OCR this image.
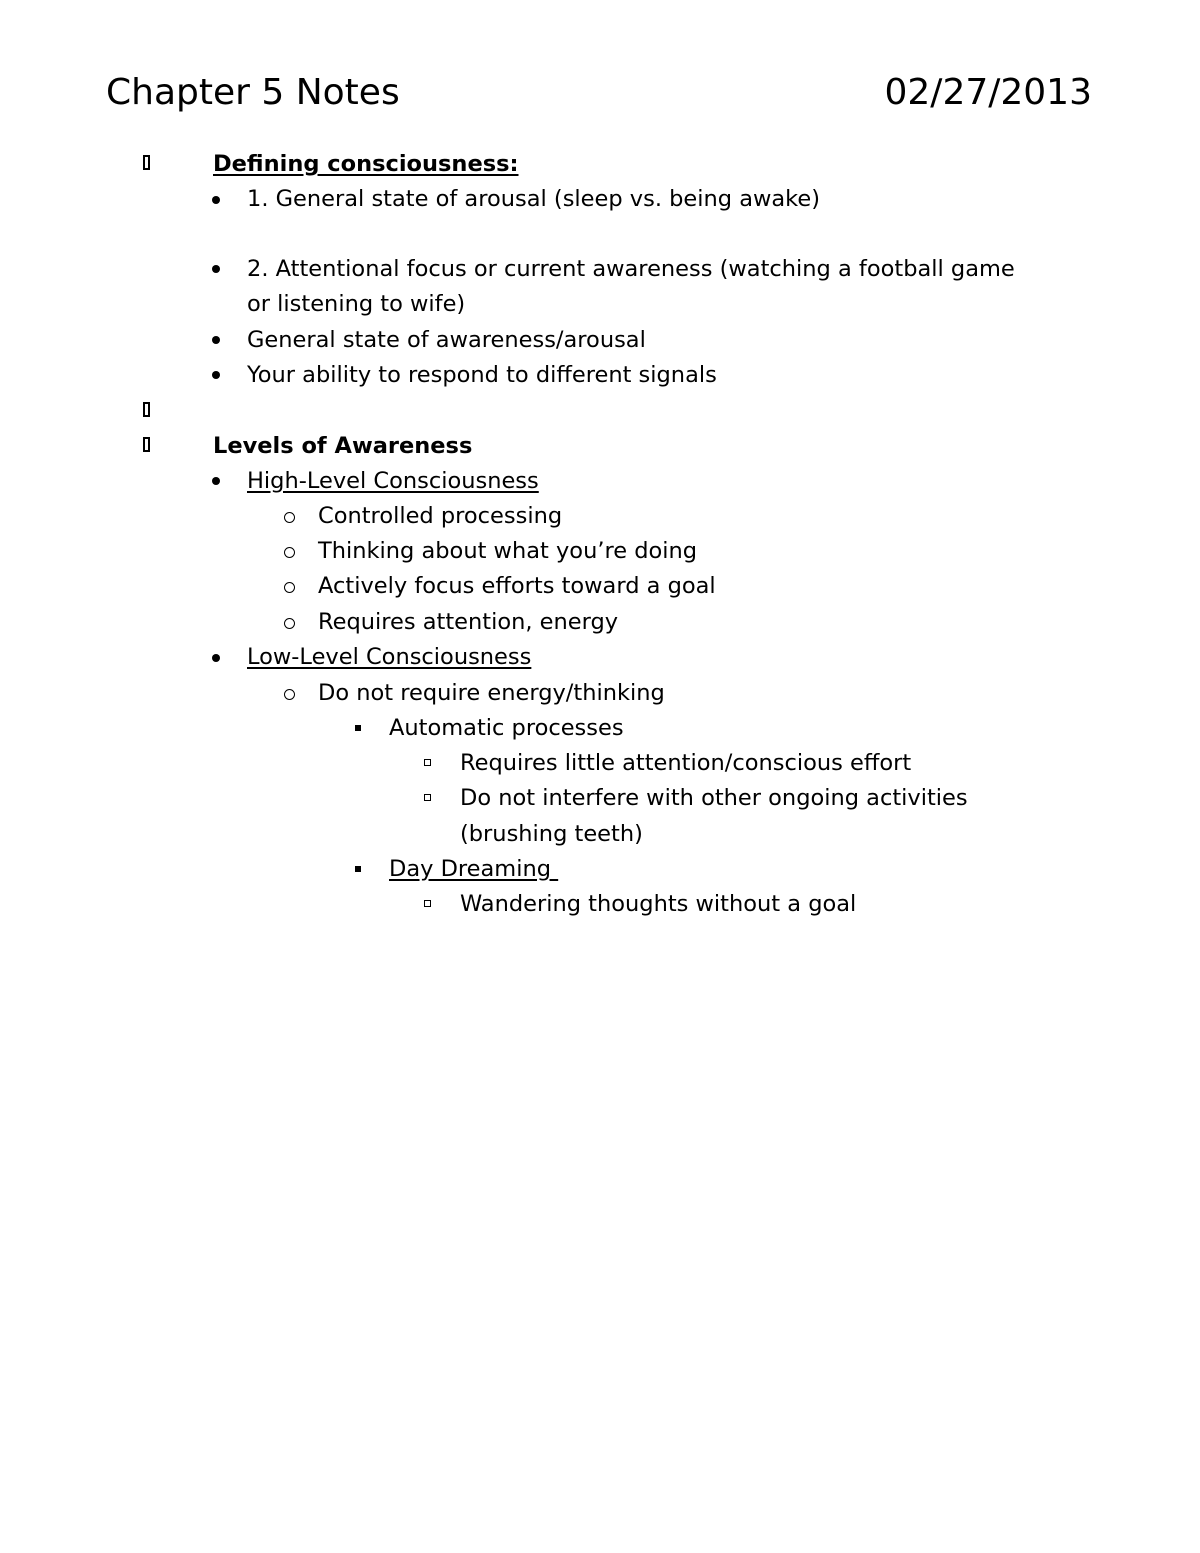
Chapter 5 Notes	02/27/2013
Defining consciousness:
1. General state of arousal (sleep vs. being awake)
2. Attentional focus or current awareness (watching a football game
or listening to wife)
General state of awareness/arousal
Your ability to respond to different signals
Levels of Awareness
High-Level Consciousness
Controlled processing
Thinking about what you’re doing
Actively focus efforts toward a goal
Requires attention, energy
Low-Level Consciousness
Do not require energy/thinking
Automatic processes
Requires little attention/conscious effort
Do not interfere with other ongoing activities
(brushing teeth)
Day Dreaming
Wandering thoughts without a goal
